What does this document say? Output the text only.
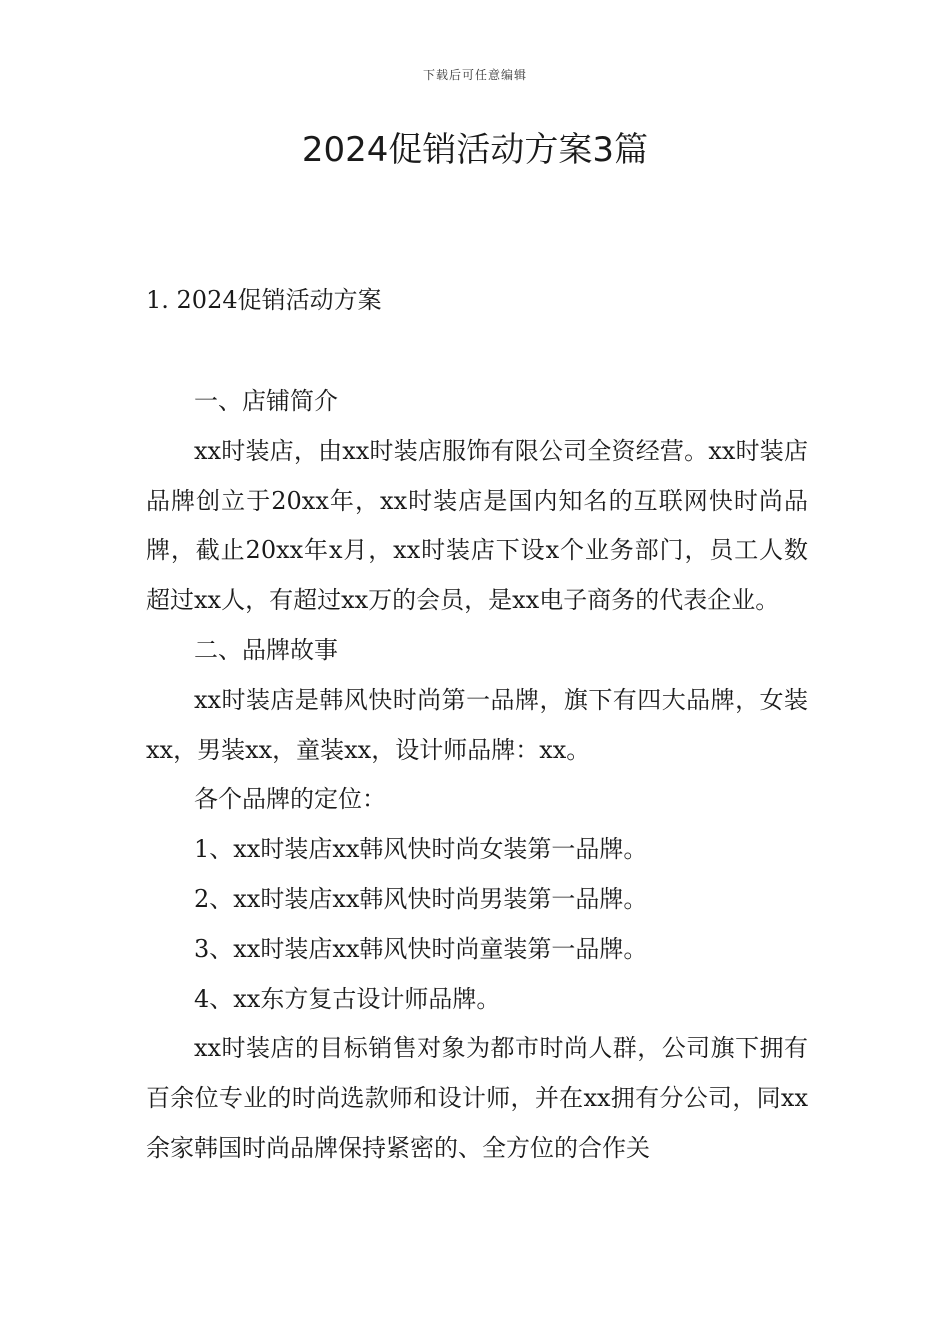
下载后可任意编辑
2024促销活动方案3篇
1. 2024促销活动方案

一、店铺简介

xx时装店，由xx时装店服饰有限公司全资经营。xx时装店品牌创立于20xx年，xx时装店是国内知名的互联网快时尚品牌，截止20xx年x月，xx时装店下设x个业务部门，员工人数超过xx人，有超过xx万的会员，是xx电子商务的代表企业。

二、品牌故事

xx时装店是韩风快时尚第一品牌，旗下有四大品牌，女装xx，男装xx，童装xx，设计师品牌：xx。

各个品牌的定位：

1、xx时装店xx韩风快时尚女装第一品牌。

2、xx时装店xx韩风快时尚男装第一品牌。

3、xx时装店xx韩风快时尚童装第一品牌。

4、xx东方复古设计师品牌。

xx时装店的目标销售对象为都市时尚人群，公司旗下拥有百余位专业的时尚选款师和设计师，并在xx拥有分公司，同xx余家韩国时尚品牌保持紧密的、全方位的合作关
